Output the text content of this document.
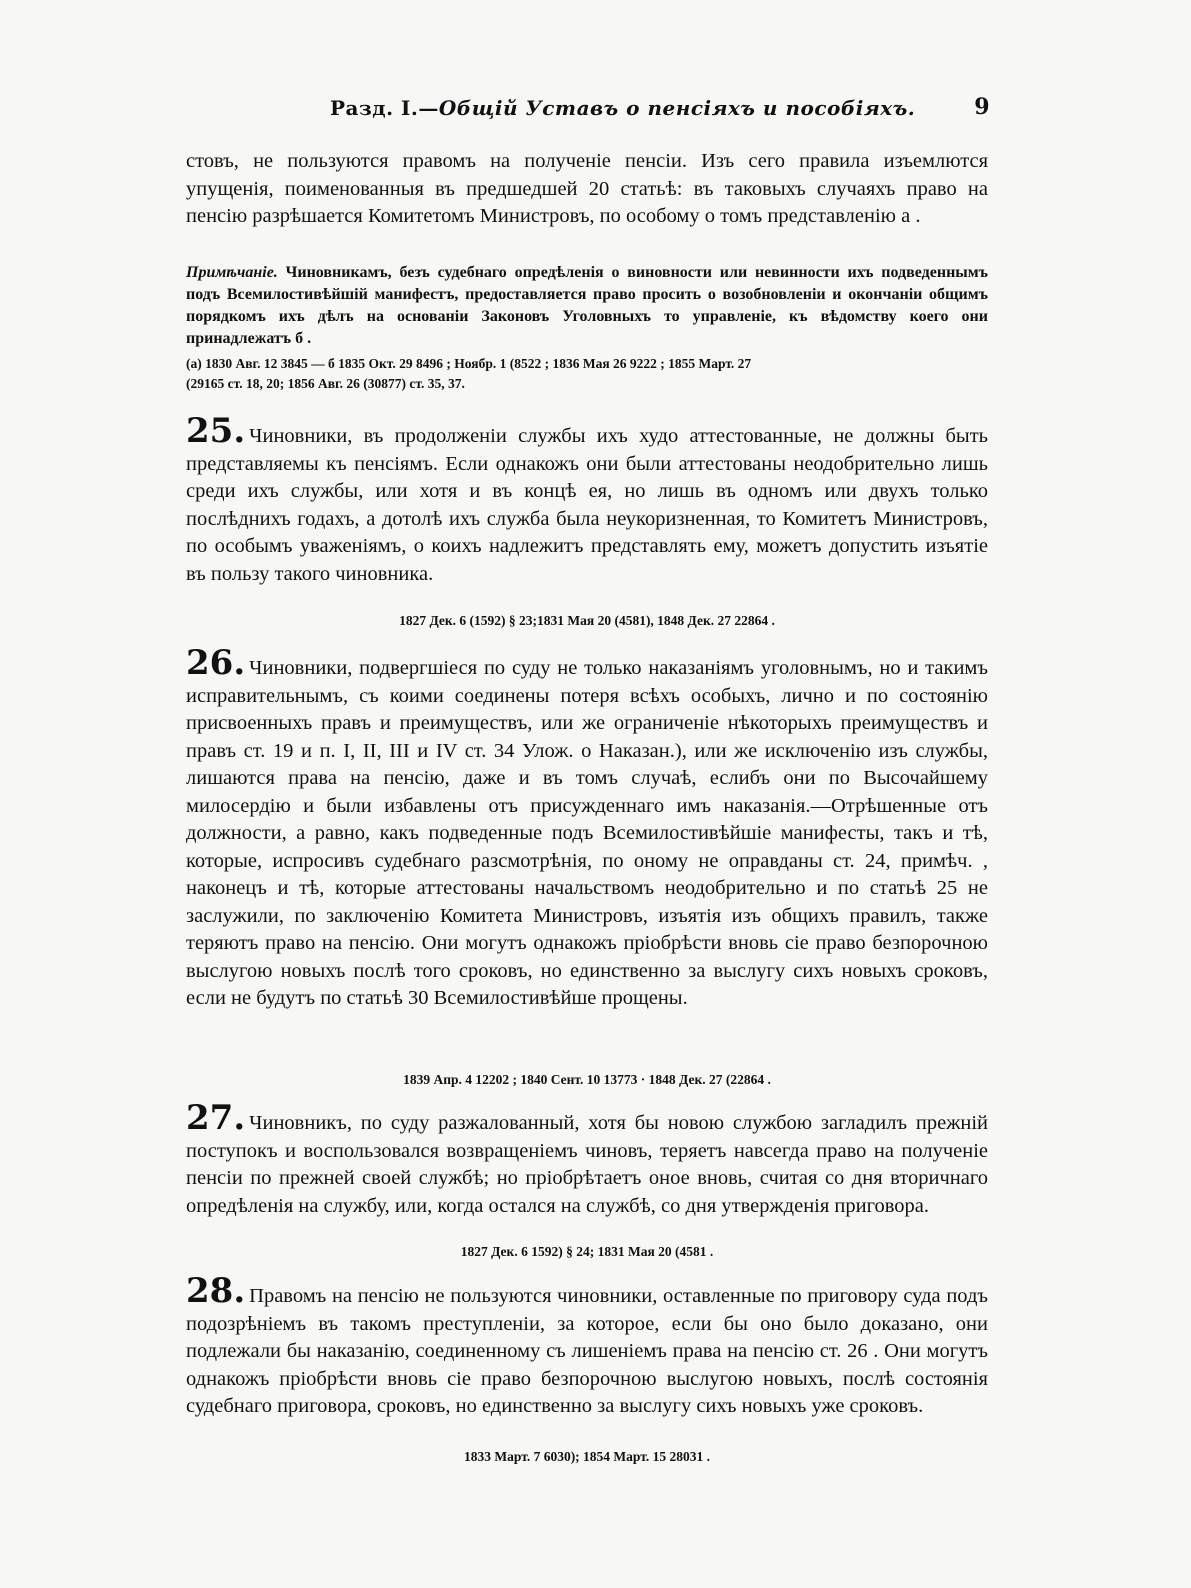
Разд. I.—Общій Уставъ о пенсіяхъ и пособіяхъ.	9
стовъ, не пользуются правомъ на полученіе пенсіи. Изъ сего правила изъемлются упущенія, поименованныя въ предшедшей 20 статьѣ: въ таковыхъ случаяхъ право на пенсію разрѣшается Комитетомъ Министровъ, по особому о томъ представленію а .
Примѣчаніе. Чиновникамъ, безъ судебнаго опредѣленія о виновности или невинности ихъ подведеннымъ подъ Всемилостивѣйшій манифестъ, предоставляется право просить о возобновленіи и окончаніи общимъ порядкомъ ихъ дѣлъ на основаніи Законовъ Уголовныхъ то управленіе, къ вѣдомству коего они принадлежатъ б .
(а) 1830 Авг. 12 3845 — б 1835 Окт. 29 8496 ; Ноябр. 1 (8522 ; 1836 Мая 26 9222 ; 1855 Март. 27
(29165 ст. 18, 20; 1856 Авг. 26 (30877) ст. 35, 37.
25. Чиновники, въ продолженіи службы ихъ худо аттестованные, не должны быть представляемы къ пенсіямъ. Если однакожъ они были аттестованы неодобрительно лишь среди ихъ службы, или хотя и въ концѣ ея, но лишь въ одномъ или двухъ только послѣднихъ годахъ, а дотолѣ ихъ служба была неукоризненная, то Комитетъ Министровъ, по особымъ уваженіямъ, о коихъ надлежитъ представлять ему, можетъ допустить изъятіе въ пользу такого чиновника.
1827 Дек. 6 (1592) § 23;1831 Мая 20 (4581), 1848 Дек. 27 22864 .
26. Чиновники, подвергшіеся по суду не только наказаніямъ уголовнымъ, но и такимъ исправительнымъ, съ коими соединены потеря всѣхъ особыхъ, лично и по состоянію присвоенныхъ правъ и преимуществъ, или же ограниченіе нѣкоторыхъ преимуществъ и правъ ст. 19 и п. I, II, III и IV ст. 34 Улож. о Наказан.), или же исключенію изъ службы, лишаются права на пенсію, даже и въ томъ случаѣ, еслибъ они по Высочайшему милосердію и были избавлены отъ присужденнаго имъ наказанія.—Отрѣшенные отъ должности, а равно, какъ подведенные подъ Всемилостивѣйшіе манифесты, такъ и тѣ, которые, испросивъ судебнаго разсмотрѣнія, по оному не оправданы ст. 24, примѣч. , наконецъ и тѣ, которые аттестованы начальствомъ неодобрительно и по статьѣ 25 не заслужили, по заключенію Комитета Министровъ, изъятія изъ общихъ правилъ, также теряютъ право на пенсію. Они могутъ однакожъ пріобрѣсти вновь сіе право безпорочною выслугою новыхъ послѣ того сроковъ, но единственно за выслугу сихъ новыхъ сроковъ, если не будутъ по статьѣ 30 Всемилостивѣйше прощены.
1839 Апр. 4 12202 ; 1840 Сент. 10 13773 · 1848 Дек. 27 (22864 .
27. Чиновникъ, по суду разжалованный, хотя бы новою службою загладилъ прежній поступокъ и воспользовался возвращеніемъ чиновъ, теряетъ навсегда право на полученіе пенсіи по прежней своей службѣ; но пріобрѣтаетъ оное вновь, считая со дня вторичнаго опредѣленія на службу, или, когда остался на службѣ, со дня утвержденія приговора.
1827 Дек. 6 1592) § 24; 1831 Мая 20 (4581 .
28. Правомъ на пенсію не пользуются чиновники, оставленные по приговору суда подъ подозрѣніемъ въ такомъ преступленіи, за которое, если бы оно было доказано, они подлежали бы наказанію, соединенному съ лишеніемъ права на пенсію ст. 26 . Они могутъ однакожъ пріобрѣсти вновь сіе право безпорочною выслугою новыхъ, послѣ состоянія судебнаго приговора, сроковъ, но единственно за выслугу сихъ новыхъ уже сроковъ.
1833 Март. 7 6030); 1854 Март. 15 28031 .
